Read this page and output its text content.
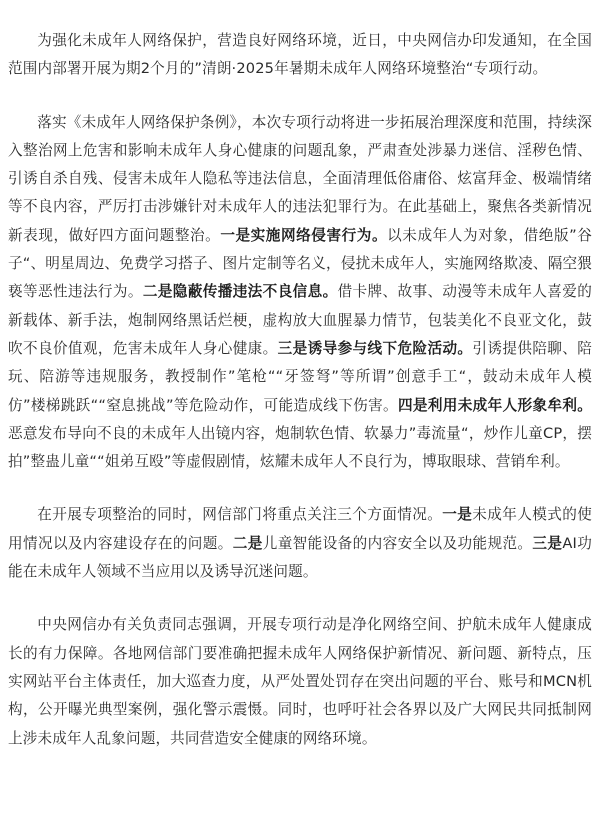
为强化未成年人网络保护，营造良好网络环境，近日，中央网信办印发通知，在全国范围内部署开展为期2个月的”清朗·2025年暑期未成年人网络环境整治“专项行动。

落实《未成年人网络保护条例》，本次专项行动将进一步拓展治理深度和范围，持续深入整治网上危害和影响未成年人身心健康的问题乱象，严肃查处涉暴力迷信、淫秽色情、引诱自杀自残、侵害未成年人隐私等违法信息，全面清理低俗庸俗、炫富拜金、极端情绪等不良内容，严厉打击涉嫌针对未成年人的违法犯罪行为。在此基础上，聚焦各类新情况新表现，做好四方面问题整治。一是实施网络侵害行为。以未成年人为对象，借绝版”谷子“、明星周边、免费学习搭子、图片定制等名义，侵扰未成年人，实施网络欺凌、隔空猥亵等恶性违法行为。二是隐蔽传播违法不良信息。借卡牌、故事、动漫等未成年人喜爱的新载体、新手法，炮制网络黑话烂梗，虚构放大血腥暴力情节，包装美化不良亚文化，鼓吹不良价值观，危害未成年人身心健康。三是诱导参与线下危险活动。引诱提供陪聊、陪玩、陪游等违规服务，教授制作”笔枪““牙签弩”等所谓”创意手工“，鼓动未成年人模仿”楼梯跳跃““窒息挑战”等危险动作，可能造成线下伤害。四是利用未成年人形象牟利。恶意发布导向不良的未成年人出镜内容，炮制软色情、软暴力”毒流量“，炒作儿童CP，摆拍”整蛊儿童““姐弟互殴”等虚假剧情，炫耀未成年人不良行为，博取眼球、营销牟利。

在开展专项整治的同时，网信部门将重点关注三个方面情况。一是未成年人模式的使用情况以及内容建设存在的问题。二是儿童智能设备的内容安全以及功能规范。三是AI功能在未成年人领域不当应用以及诱导沉迷问题。

中央网信办有关负责同志强调，开展专项行动是净化网络空间、护航未成年人健康成长的有力保障。各地网信部门要准确把握未成年人网络保护新情况、新问题、新特点，压实网站平台主体责任，加大巡查力度，从严处置处罚存在突出问题的平台、账号和MCN机构，公开曝光典型案例，强化警示震慑。同时，也呼吁社会各界以及广大网民共同抵制网上涉未成年人乱象问题，共同营造安全健康的网络环境。
